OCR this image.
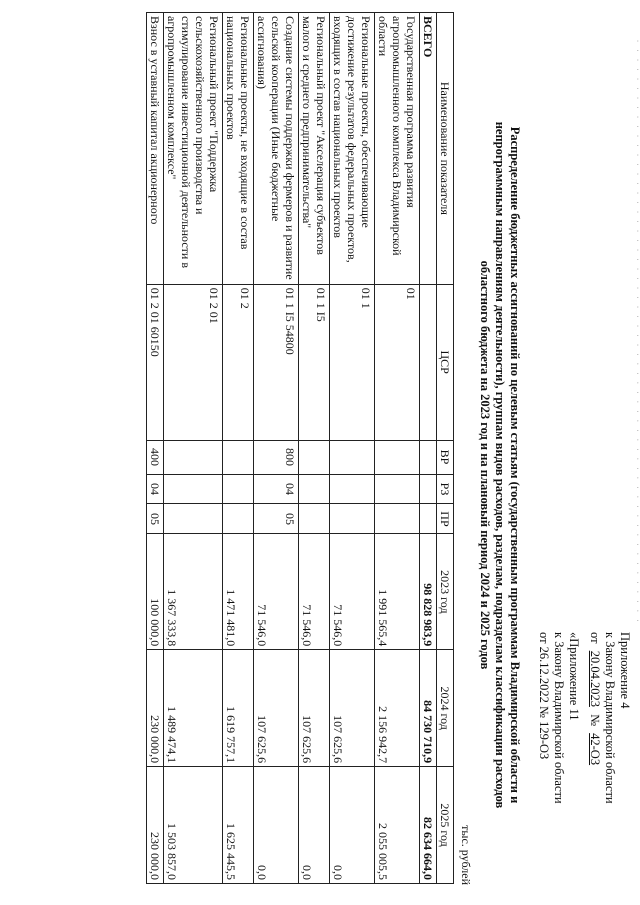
· · · · · · · · · · · · · · · · · · · · · · · · · · · · · · · · · · · · · · · · · · · · · · · · · · · · · · · · · · · · · ·
Приложение 4
к Закону Владимирской области
от 20.04.2023 № 42-ОЗ
«Приложение 11
к Закону Владимирской области
от 26.12.2022 № 129-ОЗ
Распределение бюджетных ассигнований по целевым статьям (государственным программам Владимирской области и
непрограммным направлениям деятельности), группам видов расходов, разделам, подразделам классификации расходов
областного бюджета на 2023 год и на плановый период 2024 и 2025 годов
тыс. рублей
Наименование показателя	ЦСР	ВР	РЗ	ПР	2023 год	2024 год	2025 год
ВСЕГО					98 828 983,9	84 730 710,9	82 634 664,0
Государственная программа развития агропромышленного комплекса Владимирской области	01				1 991 565,4	2 156 942,7	2 055 005,5
Региональные проекты, обеспечивающие достижение результатов федеральных проектов, входящих в состав национальных проектов	01 1				71 546,0	107 625,6	0,0
Региональный проект "Акселерация субъектов малого и среднего предпринимательства"	01 1 I5				71 546,0	107 625,6	0,0
Создание системы поддержки фермеров и развитие сельской кооперации (Иные бюджетные ассигнования)	01 1 I5 54800	800	04	05	71 546,0	107 625,6	0,0
Региональные проекты, не входящие в состав национальных проектов	01 2				1 471 481,0	1 619 757,1	1 625 445,5
Региональный проект "Поддержка сельскохозяйственного производства и стимулирование инвестиционной деятельности в агропромышленном комплексе"	01 2 01				1 367 333,8	1 489 474,1	1 503 857,0
Взнос в уставный капитал акционерного	01 2 01 60150	400	04	05	100 000,0	230 000,0	230 000,0
